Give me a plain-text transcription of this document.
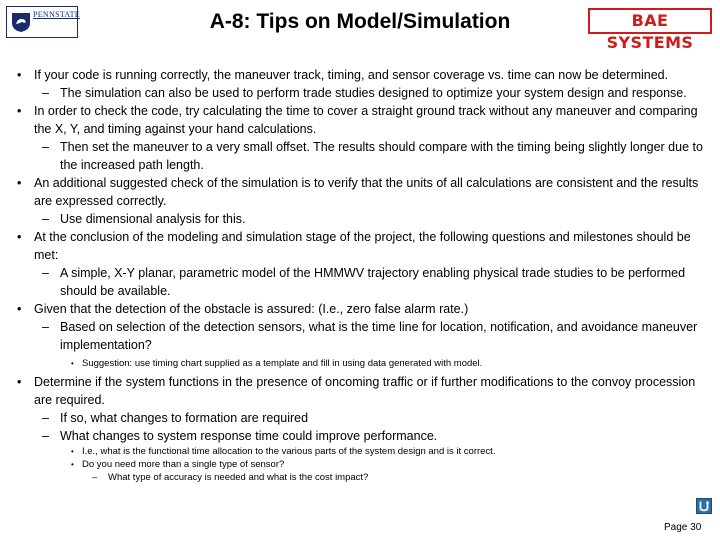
PENNSTATE	A-8: Tips on Model/Simulation	BAE SYSTEMS
• If your code is running correctly, the maneuver track, timing, and sensor coverage vs. time can now be determined.
– The simulation can also be used to perform trade studies designed to optimize your system design and response.
• In order to check the code, try calculating the time to cover a straight ground track without any maneuver and comparing the X, Y, and timing against your hand calculations.
– Then set the maneuver to a very small offset. The results should compare with the timing being slightly longer due to the increased path length.
• An additional suggested check of the simulation is to verify that the units of all calculations are consistent and the results are expressed correctly.
– Use dimensional analysis for this.
• At the conclusion of the modeling and simulation stage of the project, the following questions and milestones should be met:
– A simple, X-Y planar, parametric model of the HMMWV trajectory enabling physical trade studies to be performed should be available.
• Given that the detection of the obstacle is assured: (I.e., zero false alarm rate.)
– Based on selection of the detection sensors, what is the time line for location, notification, and avoidance maneuver implementation?
• Suggestion: use timing chart supplied as a template and fill in using data generated with model.
• Determine if the system functions in the presence of oncoming traffic or if further modifications to the convoy procession are required.
– If so, what changes to formation are required
– What changes to system response time could improve performance.
• I.e., what is the functional time allocation to the various parts of the system design and is it correct.
• Do you need more than a single type of sensor?
– What type of accuracy is needed and what is the cost impact?
Page 30
